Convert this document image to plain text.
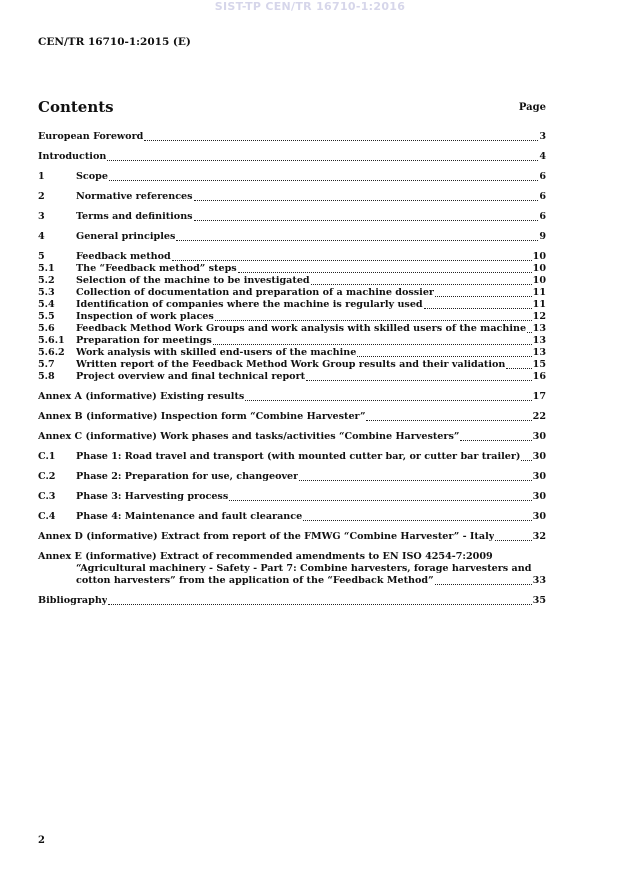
SIST-TP CEN/TR 16710-1:2016
CEN/TR 16710-1:2015 (E)
Contents	Page
European Foreword	3
Introduction	4
1	Scope	6
2	Normative references	6
3	Terms and definitions	6
4	General principles	9
5	Feedback method	10
5.1	The “Feedback method” steps	10
5.2	Selection of the machine to be investigated	10
5.3	Collection of documentation and preparation of a machine dossier	11
5.4	Identification of companies where the machine is regularly used	11
5.5	Inspection of work places	12
5.6	Feedback Method Work Groups and work analysis with skilled users of the machine 13
5.6.1	Preparation for meetings	13
5.6.2	Work analysis with skilled end-users of the machine	13
5.7	Written report of the Feedback Method Work Group results and their validation	15
5.8	Project overview and final technical report	16
Annex A (informative) Existing results	17
Annex B (informative) Inspection form “Combine Harvester”	22
Annex C (informative) Work phases and tasks/activities “Combine Harvesters”	30
C.1	Phase 1: Road travel and transport (with mounted cutter bar, or cutter bar trailer) 30
C.2	Phase 2: Preparation for use, changeover	30
C.3	Phase 3: Harvesting process	30
C.4	Phase 4: Maintenance and fault clearance	30
Annex D (informative) Extract from report of the FMWG “Combine Harvester” - Italy	32
Annex E (informative) Extract of recommended amendments to EN ISO 4254-7:2009
“Agricultural machinery - Safety - Part 7: Combine harvesters, forage harvesters and
cotton harvesters” from the application of the “Feedback Method”	33
Bibliography	35
2
